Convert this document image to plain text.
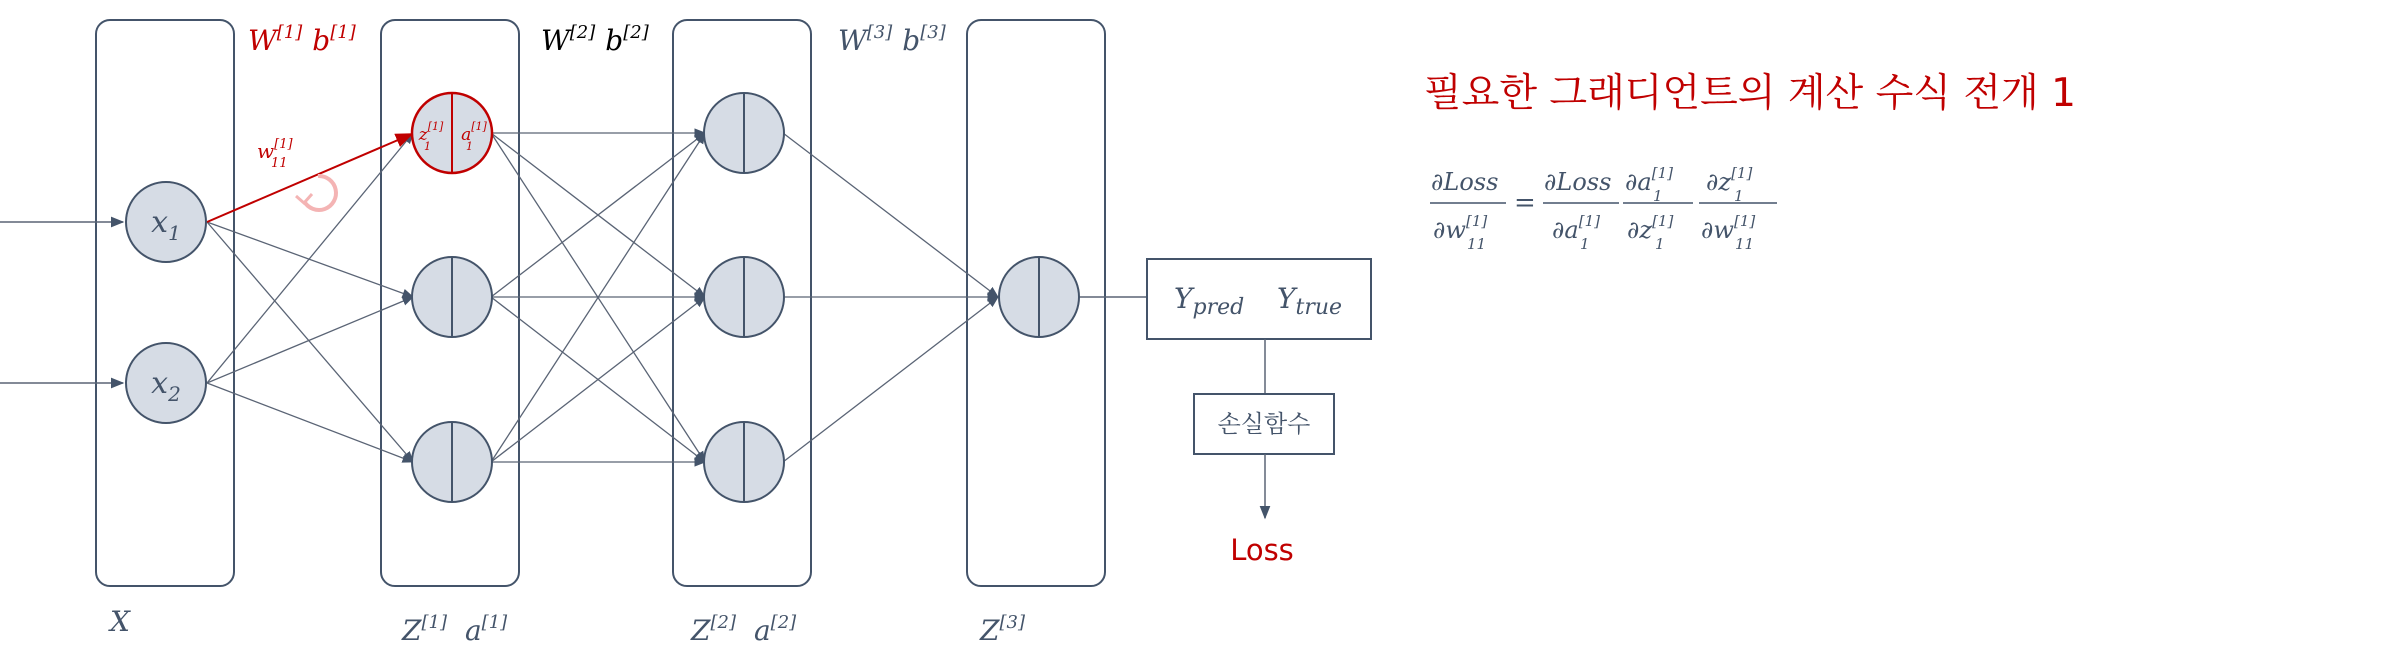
$x_1$
$x_2$
z[1] a[1]
1	1
w[1]
11
W[1] b[1]	W[2] b[2]	W[3] b[3]
X	Z[1] a[1]	Z[2] a[2]	Z[3]
$Y_{pred}$ $Y_{true}$
손실함수
Loss
필요한 그래디언트의 계산 수식 전개 1
∂Loss
∂w[1]
11
=
∂Loss
∂a[1]
1
∂a[1]
1
∂z[1]
1
∂z[1]
1
∂w[1]
11
